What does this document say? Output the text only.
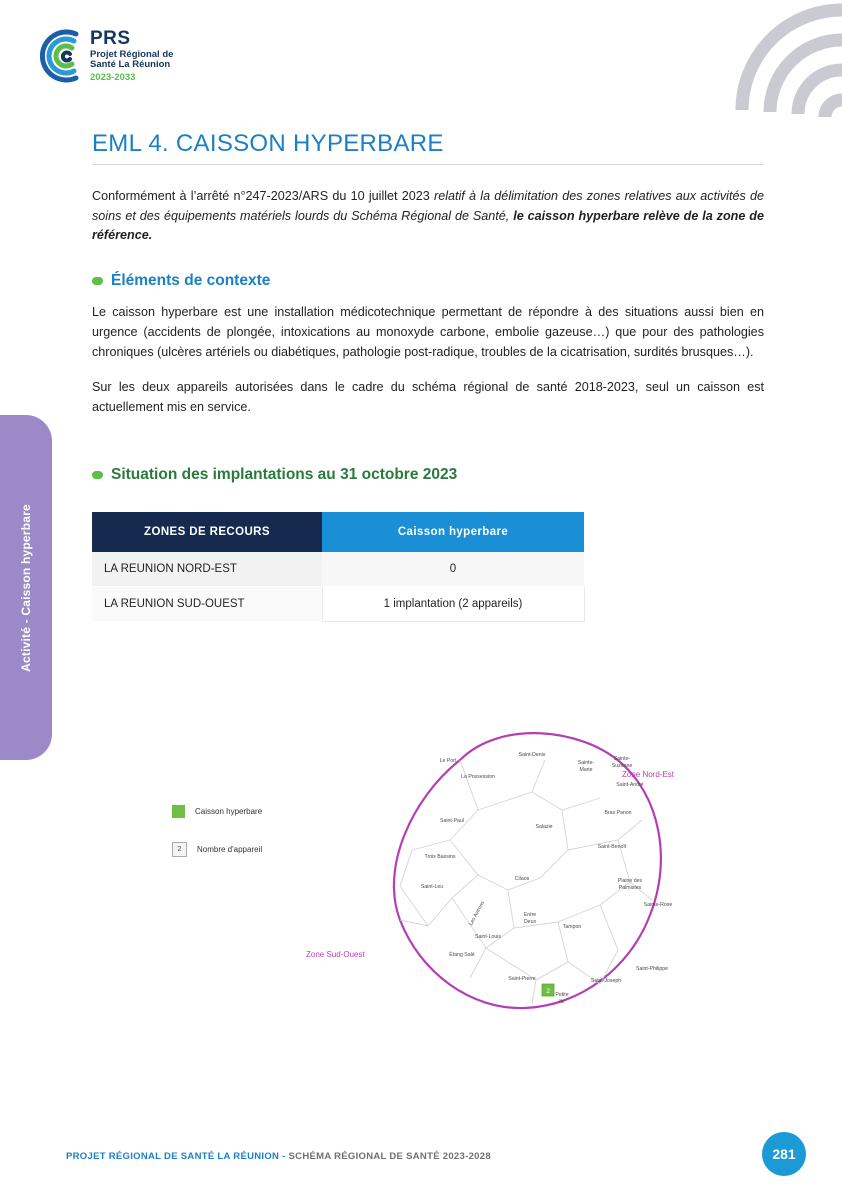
PRS
Projet Régional de
Santé La Réunion
2023-2033
Activité - Caisson hyperbare
EML 4. CAISSON HYPERBARE

Conformément à l’arrêté n°247-2023/ARS du 10 juillet 2023 relatif à la délimitation des zones relatives aux activités de soins et des équipements matériels lourds du Schéma Régional de Santé, le caisson hyperbare relève de la zone de référence.

Éléments de contexte

Le caisson hyperbare est une installation médicotechnique permettant de répondre à des situations aussi bien en urgence (accidents de plongée, intoxications au monoxyde carbone, embolie gazeuse…) que pour des pathologies chroniques (ulcères artériels ou diabétiques, pathologie post-radique, troubles de la cicatrisation, surdités brusques…).

Sur les deux appareils autorisées dans le cadre du schéma régional de santé 2018-2023, seul un caisson est actuellement mis en service.

Situation des implantations au 31 octobre 2023
ZONES DE RECOURS	Caisson hyperbare
LA REUNION NORD-EST	0
LA REUNION SUD-OUEST	1 implantation (2 appareils)
Caisson hyperbare
2	Nombre d'appareil
Le Port
La Possession
Saint-Denis
Sainte-
Marie
Sainte-
Suzanne
Saint-André
Bras Panon
Saint-Paul
Salazie
Saint-Benoît
Trois Bassins
Cilaos	Plaine des
Palmistes
Saint-Leu
Sainte-Rose
Les Avirons	Entre
Deux
Tampon
Saint-Louis
Étang Salé
Saint-Pierre
Petite
Ile
Saint-Joseph
Saint-Philippe
2
Zone Nord-Est
Zone Sud-Ouest
PROJET RÉGIONAL DE SANTÉ LA RÉUNION - SCHÉMA RÉGIONAL DE SANTÉ 2023-2028	281
